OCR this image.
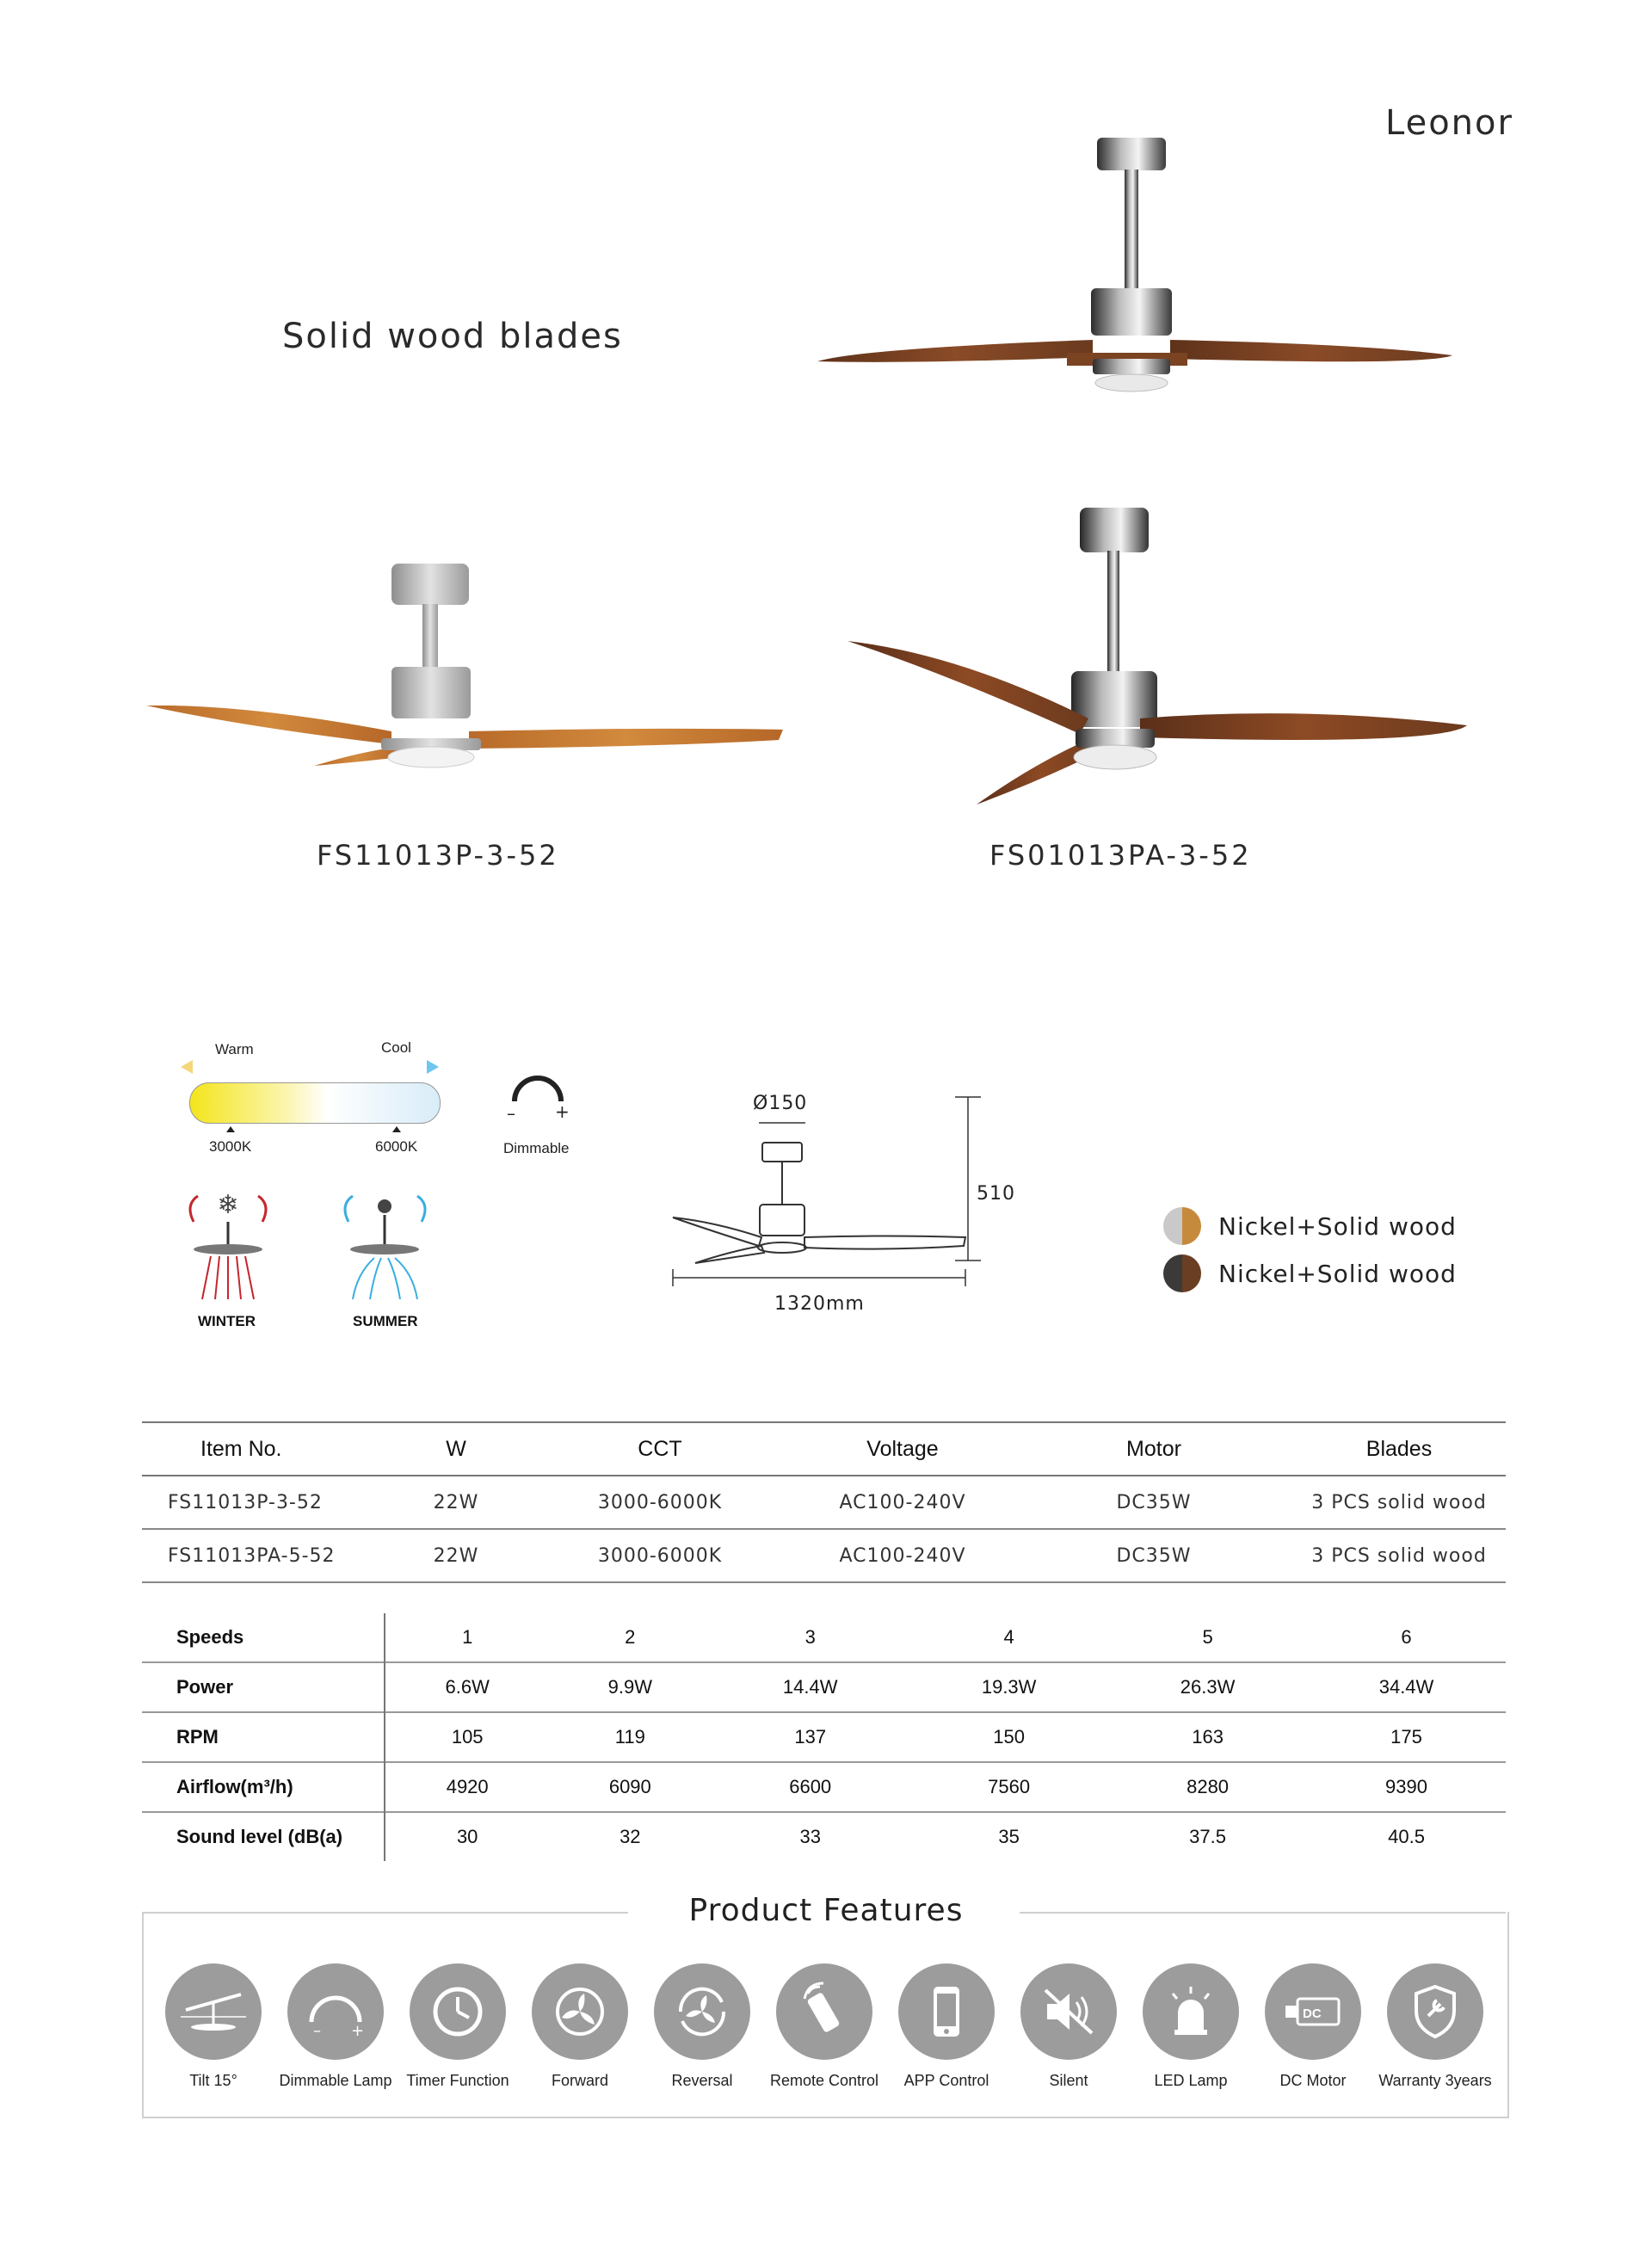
Leonor
Solid wood blades
FS11013P-3-52	FS01013PA-3-52
Warm	Cool
3000K	6000K
– +
Dimmable
❄
WINTER	SUMMER
Ø150
510
1320mm
Nickel+Solid wood
Nickel+Solid wood
Item No.	W	CCT	Voltage	Motor	Blades
FS11013P-3-52	22W	3000-6000K	AC100-240V	DC35W	3 PCS solid wood
FS11013PA-5-52	22W	3000-6000K	AC100-240V	DC35W	3 PCS solid wood
Speeds	1	2	3	4	5	6
Power	6.6W	9.9W	14.4W	19.3W	26.3W	34.4W
RPM	105	119	137	150	163	175
Airflow(m³/h)	4920	6090	6600	7560	8280	9390
Sound level (dB(a)	30	32	33	35	37.5	40.5
Product Features
Tilt 15°
– +
Dimmable Lamp Timer Function	Forward	Reversal	Remote Control	APP Control	Silent	LED Lamp
DC
DC Motor	Warranty 3years
